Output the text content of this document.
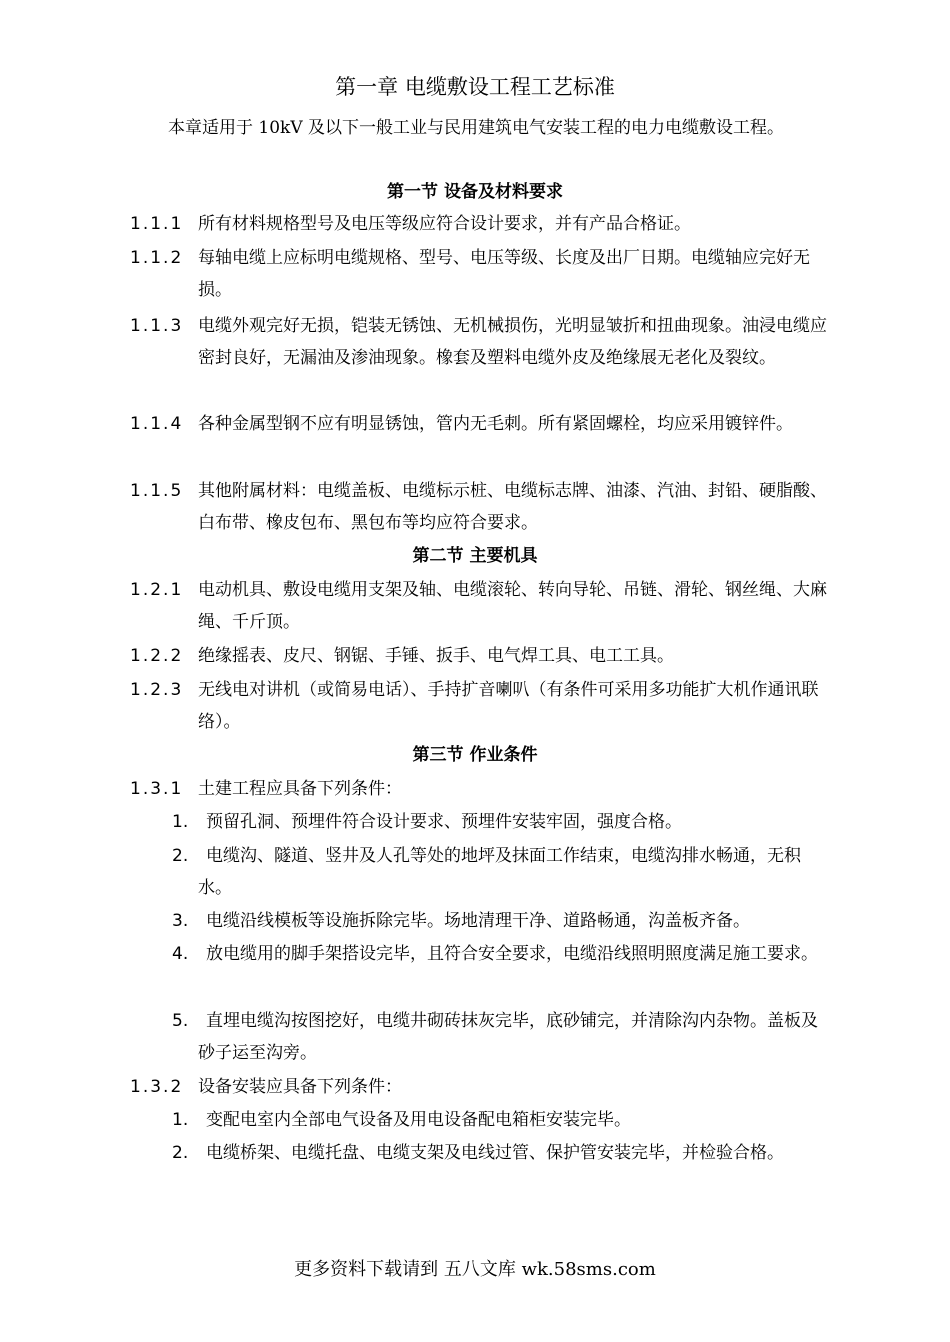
第一章 电缆敷设工程工艺标准
本章适用于 10kV 及以下一般工业与民用建筑电气安装工程的电力电缆敷设工程。
第一节 设备及材料要求
1.1.1 所有材料规格型号及电压等级应符合设计要求，并有产品合格证。
1.1.2 每轴电缆上应标明电缆规格、型号、电压等级、长度及出厂日期。电缆轴应完好无损。
1.1.3 电缆外观完好无损，铠装无锈蚀、无机械损伤，光明显皱折和扭曲现象。油浸电缆应密封良好，无漏油及渗油现象。橡套及塑料电缆外皮及绝缘展无老化及裂纹。
1.1.4 各种金属型钢不应有明显锈蚀，管内无毛刺。所有紧固螺栓，均应采用镀锌件。
1.1.5 其他附属材料：电缆盖板、电缆标示桩、电缆标志牌、油漆、汽油、封铅、硬脂酸、白布带、橡皮包布、黑包布等均应符合要求。
第二节 主要机具
1.2.1 电动机具、敷设电缆用支架及轴、电缆滚轮、转向导轮、吊链、滑轮、钢丝绳、大麻绳、千斤顶。
1.2.2 绝缘摇表、皮尺、钢锯、手锤、扳手、电气焊工具、电工工具。
1.2.3 无线电对讲机（或简易电话）、手持扩音喇叭（有条件可采用多功能扩大机作通讯联络）。
第三节 作业条件
1.3.1 土建工程应具备下列条件：
1.	预留孔洞、预埋件符合设计要求、预埋件安装牢固，强度合格。
2.	电缆沟、隧道、竖井及人孔等处的地坪及抹面工作结束，电缆沟排水畅通，无积水。
3.	电缆沿线模板等设施拆除完毕。场地清理干净、道路畅通，沟盖板齐备。
4.	放电缆用的脚手架搭设完毕，且符合安全要求，电缆沿线照明照度满足施工要求。
5.	直埋电缆沟按图挖好，电缆井砌砖抹灰完毕，底砂铺完，并清除沟内杂物。盖板及砂子运至沟旁。
1.3.2 设备安装应具备下列条件：
1.	变配电室内全部电气设备及用电设备配电箱柜安装完毕。
2.	电缆桥架、电缆托盘、电缆支架及电线过管、保护管安装完毕，并检验合格。
更多资料下载请到 五八文库 wk.58sms.com
